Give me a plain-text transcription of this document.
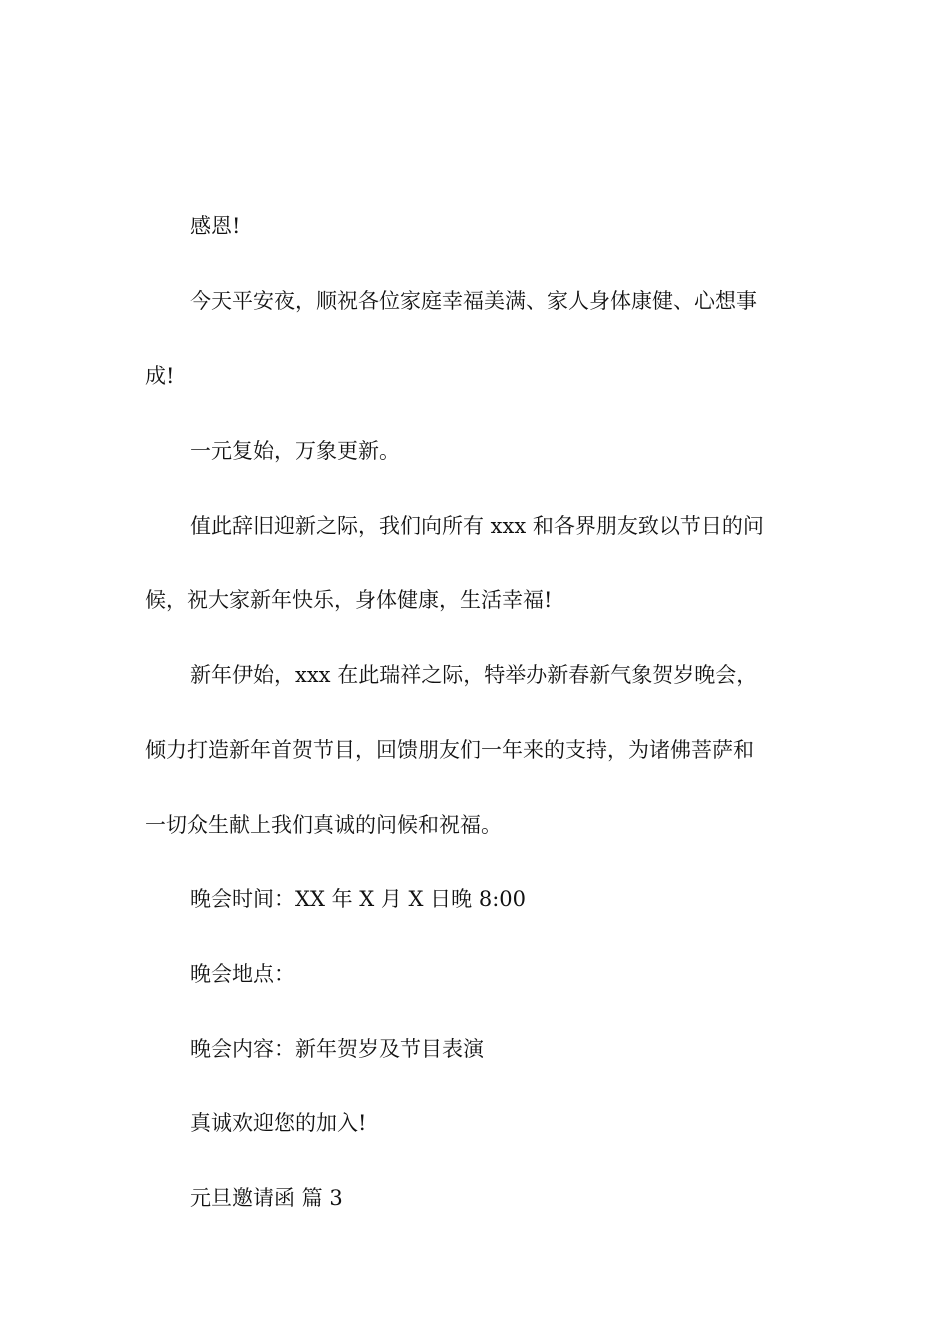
感恩!
今天平安夜，顺祝各位家庭幸福美满、家人身体康健、心想事
成!
一元复始，万象更新。
值此辞旧迎新之际，我们向所有 xxx 和各界朋友致以节日的问
候，祝大家新年快乐，身体健康，生活幸福!
新年伊始，xxx 在此瑞祥之际，特举办新春新气象贺岁晚会，
倾力打造新年首贺节目，回馈朋友们一年来的支持，为诸佛菩萨和
一切众生献上我们真诚的问候和祝福。
晚会时间：XX 年 X 月 X 日晚 8:00
晚会地点：
晚会内容：新年贺岁及节目表演
真诚欢迎您的加入!
元旦邀请函 篇 3
